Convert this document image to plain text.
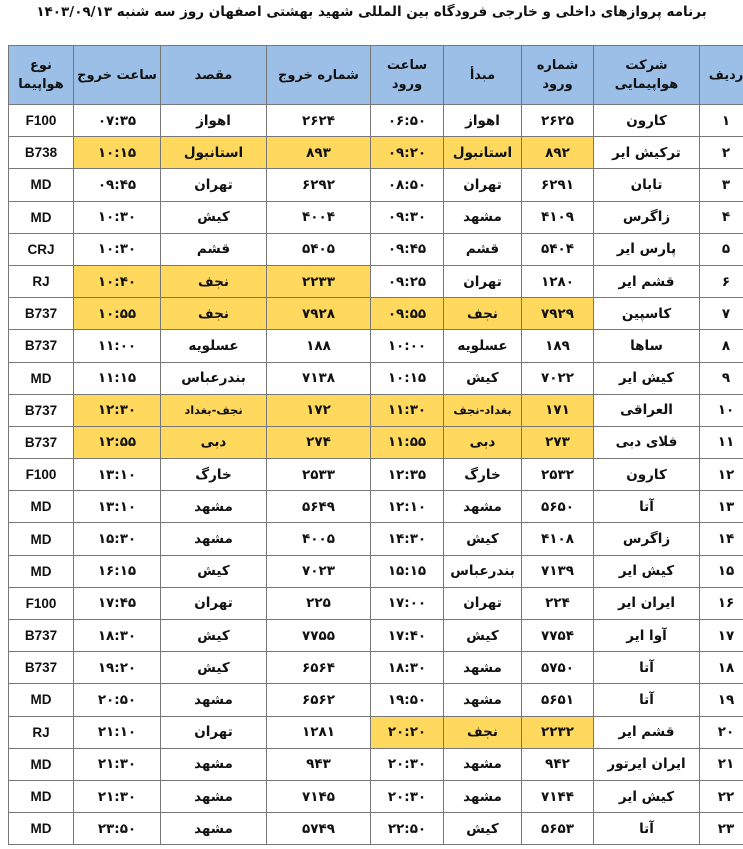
برنامه پروازهای داخلی و خارجی فرودگاه بین المللی شهید بهشتی اصفهان روز سه شنبه ۱۴۰۳/۰۹/۱۳
ردیف	شرکت هواپیمایی	شماره ورود	مبدأ	ساعت ورود	شماره خروج	مقصد	ساعت خروج	نوع هواپیما
۱	کارون	۲۶۲۵	اهواز	۰۶:۵۰	۲۶۲۴	اهواز	۰۷:۳۵	F100
۲	ترکیش ایر	۸۹۲	استانبول	۰۹:۲۰	۸۹۳	استانبول	۱۰:۱۵	B738
۳	تابان	۶۲۹۱	تهران	۰۸:۵۰	۶۲۹۲	تهران	۰۹:۴۵	MD
۴	زاگرس	۴۱۰۹	مشهد	۰۹:۳۰	۴۰۰۴	کیش	۱۰:۳۰	MD
۵	پارس ایر	۵۴۰۴	قشم	۰۹:۴۵	۵۴۰۵	قشم	۱۰:۳۰	CRJ
۶	قشم ایر	۱۲۸۰	تهران	۰۹:۲۵	۲۲۳۳	نجف	۱۰:۴۰	RJ
۷	کاسپین	۷۹۲۹	نجف	۰۹:۵۵	۷۹۲۸	نجف	۱۰:۵۵	B737
۸	ساها	۱۸۹	عسلویه	۱۰:۰۰	۱۸۸	عسلویه	۱۱:۰۰	B737
۹	کیش ایر	۷۰۲۲	کیش	۱۰:۱۵	۷۱۳۸	بندرعباس	۱۱:۱۵	MD
۱۰	العراقی	۱۷۱	بغداد-نجف	۱۱:۳۰	۱۷۲	نجف-بغداد	۱۲:۳۰	B737
۱۱	فلای دبی	۲۷۳	دبی	۱۱:۵۵	۲۷۴	دبی	۱۲:۵۵	B737
۱۲	کارون	۲۵۳۲	خارگ	۱۲:۳۵	۲۵۳۳	خارگ	۱۳:۱۰	F100
۱۳	آتا	۵۶۵۰	مشهد	۱۲:۱۰	۵۶۴۹	مشهد	۱۳:۱۰	MD
۱۴	زاگرس	۴۱۰۸	کیش	۱۴:۳۰	۴۰۰۵	مشهد	۱۵:۳۰	MD
۱۵	کیش ایر	۷۱۳۹	بندرعباس	۱۵:۱۵	۷۰۲۳	کیش	۱۶:۱۵	MD
۱۶	ایران ایر	۲۲۴	تهران	۱۷:۰۰	۲۲۵	تهران	۱۷:۴۵	F100
۱۷	آوا ایر	۷۷۵۴	کیش	۱۷:۴۰	۷۷۵۵	کیش	۱۸:۳۰	B737
۱۸	آتا	۵۷۵۰	مشهد	۱۸:۳۰	۶۵۶۴	کیش	۱۹:۲۰	B737
۱۹	آتا	۵۶۵۱	مشهد	۱۹:۵۰	۶۵۶۲	مشهد	۲۰:۵۰	MD
۲۰	قشم ایر	۲۲۳۲	نجف	۲۰:۲۰	۱۲۸۱	تهران	۲۱:۱۰	RJ
۲۱	ایران ایرتور	۹۴۲	مشهد	۲۰:۳۰	۹۴۳	مشهد	۲۱:۳۰	MD
۲۲	کیش ایر	۷۱۴۴	مشهد	۲۰:۳۰	۷۱۴۵	مشهد	۲۱:۳۰	MD
۲۳	آتا	۵۶۵۳	کیش	۲۲:۵۰	۵۷۴۹	مشهد	۲۳:۵۰	MD
